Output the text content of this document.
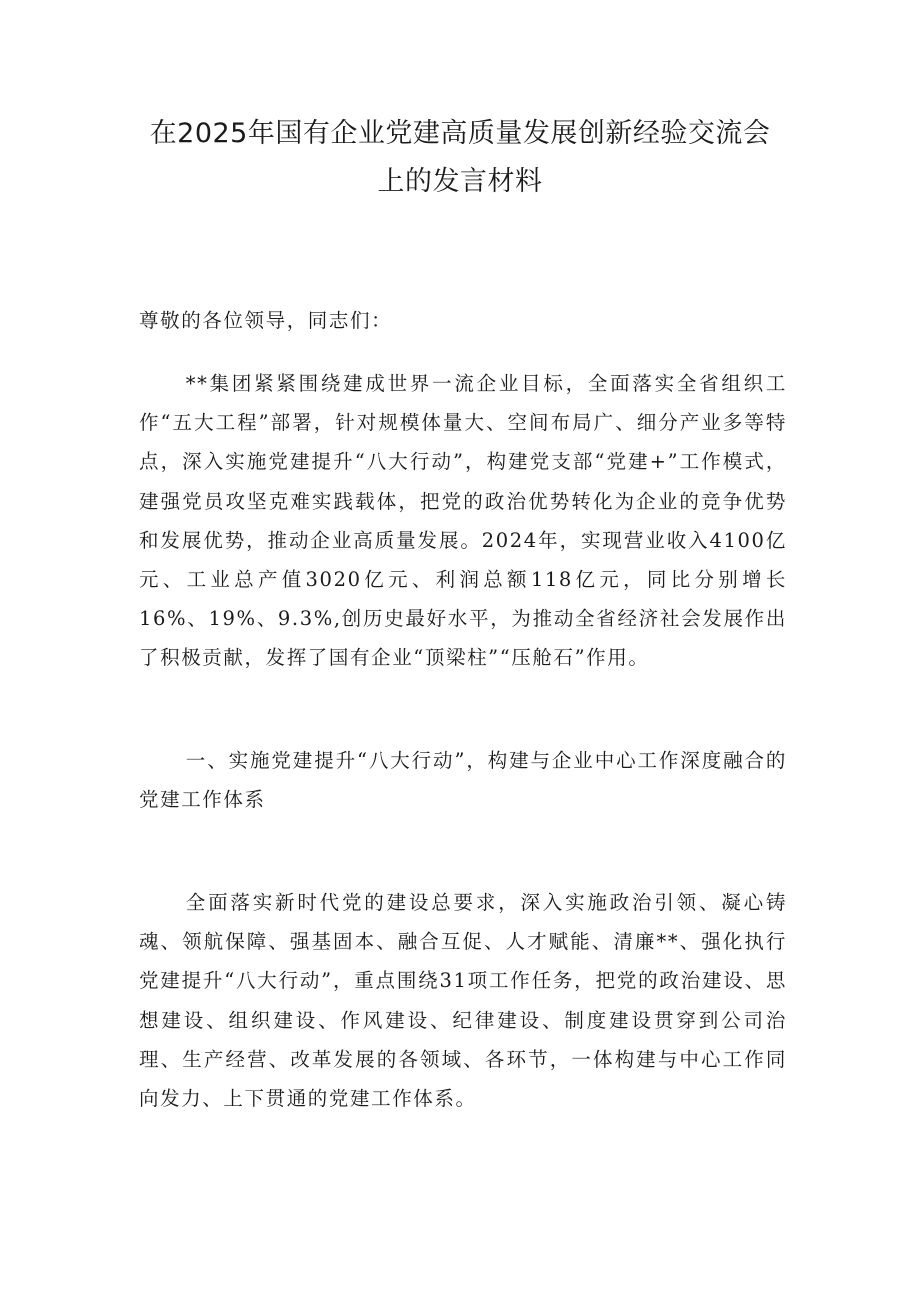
在2025年国有企业党建高质量发展创新经验交流会
上的发言材料

尊敬的各位领导，同志们：

**集团紧紧围绕建成世界一流企业目标，全面落实全省组织工作“五大工程”部署，针对规模体量大、空间布局广、细分产业多等特点，深入实施党建提升“八大行动”，构建党支部“党建+”工作模式，建强党员攻坚克难实践载体，把党的政治优势转化为企业的竞争优势和发展优势，推动企业高质量发展。2024年，实现营业收入4100亿元、工业总产值3020亿元、利润总额118亿元，同比分别增长16%、19%、9.3%,创历史最好水平，为推动全省经济社会发展作出了积极贡献，发挥了国有企业“顶梁柱”“压舱石”作用。

一、实施党建提升“八大行动”，构建与企业中心工作深度融合的党建工作体系

全面落实新时代党的建设总要求，深入实施政治引领、凝心铸魂、领航保障、强基固本、融合互促、人才赋能、清廉**、强化执行党建提升“八大行动”，重点围绕31项工作任务，把党的政治建设、思想建设、组织建设、作风建设、纪律建设、制度建设贯穿到公司治理、生产经营、改革发展的各领域、各环节，一体构建与中心工作同向发力、上下贯通的党建工作体系。
